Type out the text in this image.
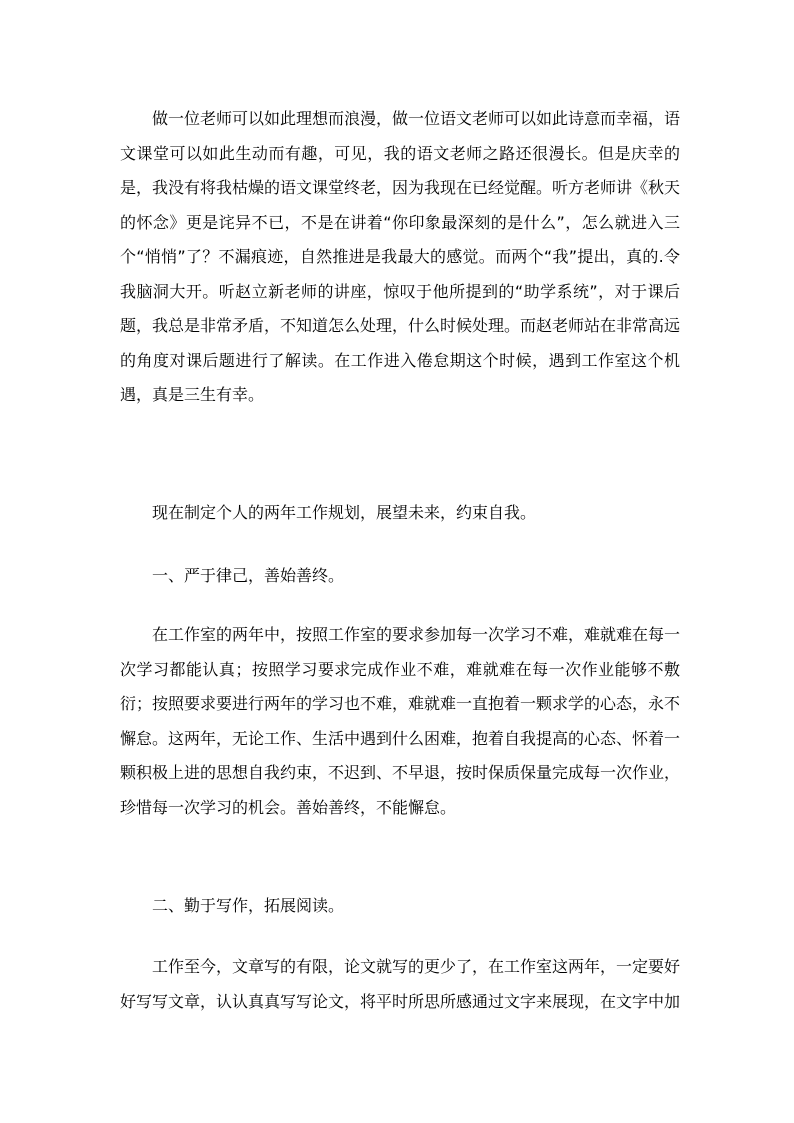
做一位老师可以如此理想而浪漫，做一位语文老师可以如此诗意而幸福，语文课堂可以如此生动而有趣，可见，我的语文老师之路还很漫长。但是庆幸的是，我没有将我枯燥的语文课堂终老，因为我现在已经觉醒。听方老师讲《秋天的怀念》更是诧异不已，不是在讲着“你印象最深刻的是什么”，怎么就进入三个“悄悄”了？不漏痕迹，自然推进是我最大的感觉。而两个“我”提出，真的.令我脑洞大开。听赵立新老师的讲座，惊叹于他所提到的“助学系统”，对于课后题，我总是非常矛盾，不知道怎么处理，什么时候处理。而赵老师站在非常高远的角度对课后题进行了解读。在工作进入倦怠期这个时候，遇到工作室这个机遇，真是三生有幸。

现在制定个人的两年工作规划，展望未来，约束自我。

一、严于律己，善始善终。

在工作室的两年中，按照工作室的要求参加每一次学习不难，难就难在每一次学习都能认真；按照学习要求完成作业不难，难就难在每一次作业能够不敷衍；按照要求要进行两年的学习也不难，难就难一直抱着一颗求学的心态，永不懈怠。这两年，无论工作、生活中遇到什么困难，抱着自我提高的心态、怀着一颗积极上进的思想自我约束，不迟到、不早退，按时保质保量完成每一次作业，珍惜每一次学习的机会。善始善终，不能懈怠。

二、勤于写作，拓展阅读。

工作至今，文章写的有限，论文就写的更少了，在工作室这两年，一定要好好写写文章，认认真真写写论文，将平时所思所感通过文字来展现，在文字中加
